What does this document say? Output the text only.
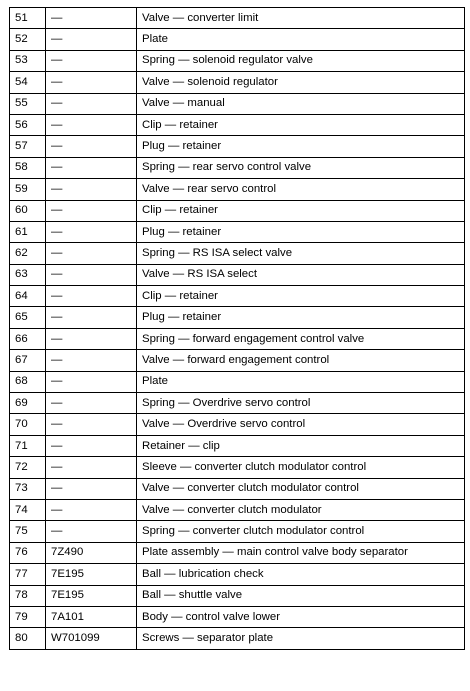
51	—	Valve — converter limit
52	—	Plate
53	—	Spring — solenoid regulator valve
54	—	Valve — solenoid regulator
55	—	Valve — manual
56	—	Clip — retainer
57	—	Plug — retainer
58	—	Spring — rear servo control valve
59	—	Valve — rear servo control
60	—	Clip — retainer
61	—	Plug — retainer
62	—	Spring — RS ISA select valve
63	—	Valve — RS ISA select
64	—	Clip — retainer
65	—	Plug — retainer
66	—	Spring — forward engagement control valve
67	—	Valve — forward engagement control
68	—	Plate
69	—	Spring — Overdrive servo control
70	—	Valve — Overdrive servo control
71	—	Retainer — clip
72	—	Sleeve — converter clutch modulator control
73	—	Valve — converter clutch modulator control
74	—	Valve — converter clutch modulator
75	—	Spring — converter clutch modulator control
76	7Z490	Plate assembly — main control valve body separator
77	7E195	Ball — lubrication check
78	7E195	Ball — shuttle valve
79	7A101	Body — control valve lower
80	W701099	Screws — separator plate
